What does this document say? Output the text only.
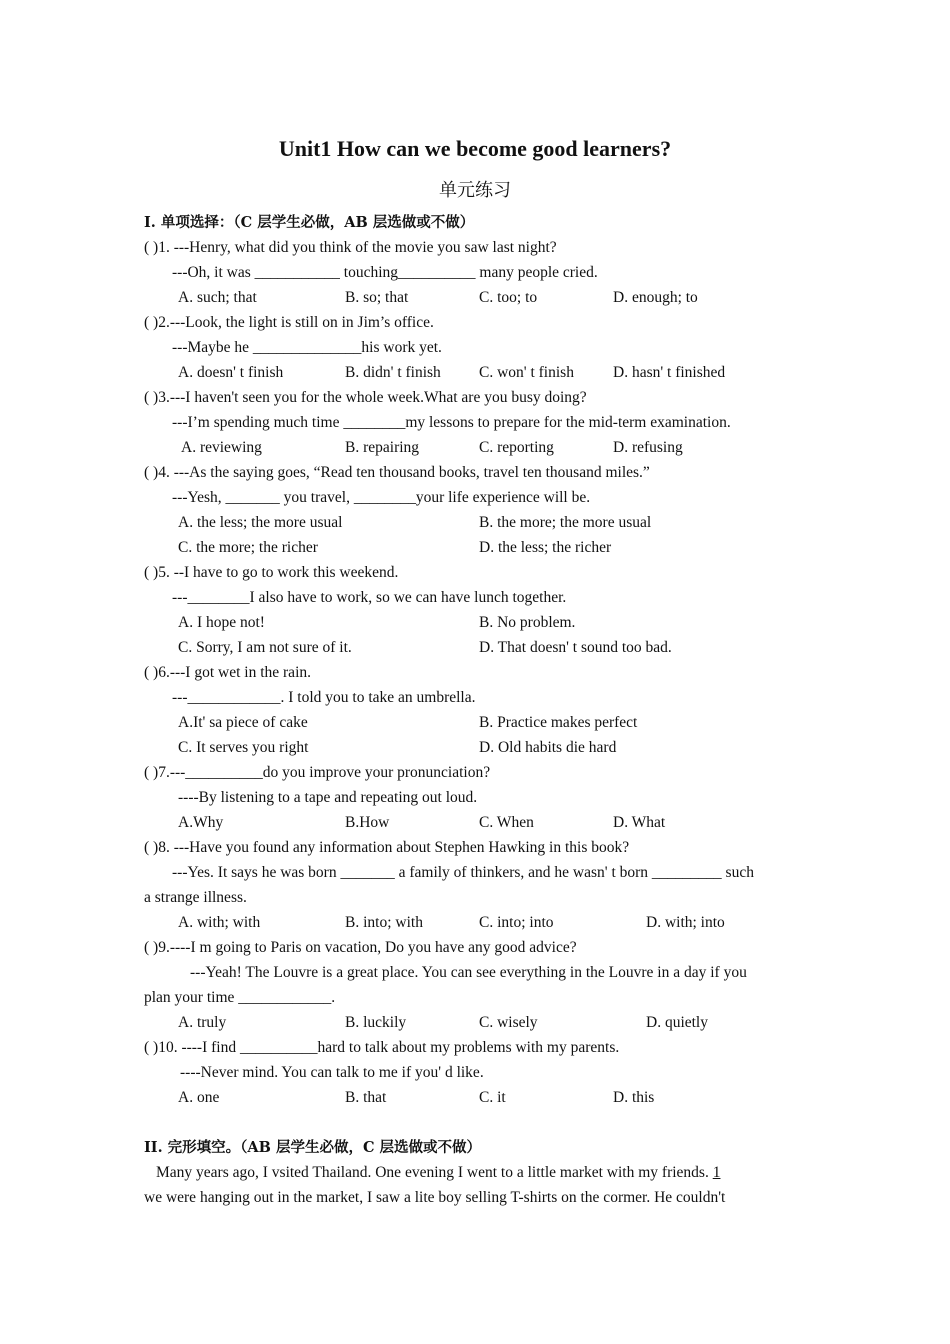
Unit1 How can we become good learners?
单元练习
I. 单项选择：（C 层学生必做，AB 层选做或不做）
( )1. ---Henry, what did you think of the movie you saw last night?
---Oh, it was ___________ touching__________ many people cried.
A. such; that	B. so; that	C. too; to	D. enough; to
( )2.---Look, the light is still on in Jim’s office.
---Maybe he ______________his work yet.
A. doesn' t finish	B. didn' t finish C. won' t finish	D. hasn' t finished
( )3.---I haven't seen you for the whole week.What are you busy doing?
---I’m spending much time ________my lessons to prepare for the mid-term examination.
A. reviewing	B. repairing	C. reporting	D. refusing
( )4. ---As the saying goes, “Read ten thousand books, travel ten thousand miles.”
---Yesh, _______ you travel, ________your life experience will be.
A. the less; the more usual	B. the more; the more usual
C. the more; the richer	D. the less; the richer
( )5. --I have to go to work this weekend.
---________I also have to work, so we can have lunch together.
A. I hope not!	B. No problem.
C. Sorry, I am not sure of it.	D. That doesn' t sound too bad.
( )6.---I got wet in the rain.
---____________. I told you to take an umbrella.
A.It' sa piece of cake	B. Practice makes perfect
C. It serves you right	D. Old habits die hard
( )7.---__________do you improve your pronunciation?
----By listening to a tape and repeating out loud.
A.Why	B.How	C. When	D. What
( )8. ---Have you found any information about Stephen Hawking in this book?
---Yes. It says he was born _______ a family of thinkers, and he wasn' t born _________ such
a strange illness.
A. with; with	B. into; with	C. into; into	D. with; into
( )9.----I m going to Paris on vacation, Do you have any good advice?
---Yeah! The Louvre is a great place. You can see everything in the Louvre in a day if you
plan your time ____________.
A. truly	B. luckily	C. wisely	D. quietly
( )10. ----I find __________hard to talk about my problems with my parents.
----Never mind. You can talk to me if you' d like.
A. one	B. that	C. it	D. this
II. 完形填空。（AB 层学生必做，C 层选做或不做）
Many years ago, I vsited Thailand. One evening I went to a little market with my friends. 1
we were hanging out in the market, I saw a lite boy selling T-shirts on the cormer. He couldn't
